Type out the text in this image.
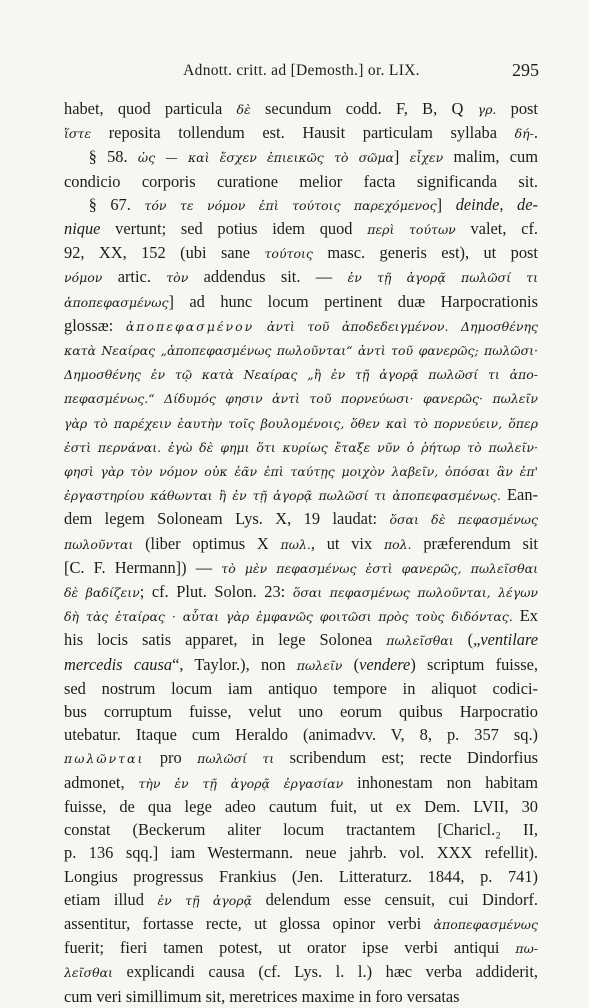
Adnott. critt. ad [Demosth.] or. LIX.	295
habet, quod particula δὲ secundum codd. F, B, Q γρ. post
ἵστε reposita tollendum est. Hausit particulam syllaba δή-.
  § 58. ὡς — καὶ ἔσχεν ἐπιεικῶς τὸ σῶμα] εἶχεν malim, cum
condicio corporis curatione melior facta significanda sit.
  § 67. τόν τε νόμον ἐπὶ τούτοις παρεχόμενος] deinde, de-
nique vertunt; sed potius idem quod περὶ τούτων valet, cf.
92, XX, 152 (ubi sane τούτοις masc. generis est), ut post
νόμον artic. τὸν addendus sit. — ἐν τῇ ἀγορᾷ πωλῶσί τι
ἀποπεφασμένως] ad hunc locum pertinent duæ Harpocrationis
glossæ: ἀποπεφασμένον ἀντὶ τοῦ ἀποδεδειγμένον. Δημοσθένης
κατὰ Νεαίρας „ἀποπεφασμένως πωλοῦνται“ ἀντὶ τοῦ φανερῶς; πωλῶσι·
Δημοσθένης ἐν τῷ κατὰ Νεαίρας „ἢ ἐν τῇ ἀγορᾷ πωλῶσί τι ἀπο-
πεφασμένως.“ Δίδυμός φησιν ἀντὶ τοῦ πορνεύωσι· φανερῶς· πωλεῖν
γὰρ τὸ παρέχειν ἑαυτὴν τοῖς βουλομένοις, ὅθεν καὶ τὸ πορνεύειν, ὅπερ
ἐστὶ περνάναι. ἐγὼ δὲ φημι ὅτι κυρίως ἔταξε νῦν ὁ ῥήτωρ τὸ πωλεῖν·
φησὶ γὰρ τὸν νόμον οὐκ ἐᾶν ἐπὶ ταύτῃς μοιχὸν λαβεῖν, ὁπόσαι ἂν ἐπ'
ἐργαστηρίου κάθωνται ἢ ἐν τῇ ἀγορᾷ πωλῶσί τι ἀποπεφασμένως. Ean-
dem legem Soloneam Lys. X, 19 laudat: ὅσαι δὲ πεφασμένως
πωλοῦνται (liber optimus X πωλ., ut vix πολ. præferendum sit
[C. F. Hermann]) — τὸ μὲν πεφασμένως ἐστὶ φανερῶς, πωλεῖσθαι
δὲ βαδίζειν; cf. Plut. Solon. 23: ὅσαι πεφασμένως πωλοῦνται, λέγων
δὴ τὰς ἑταίρας · αὗται γὰρ ἐμφανῶς φοιτῶσι πρὸς τοὺς διδόντας. Ex
his locis satis apparet, in lege Solonea πωλεῖσθαι („ventilare
mercedis causa“, Taylor.), non πωλεῖν (vendere) scriptum fuisse,
sed nostrum locum iam antiquo tempore in aliquot codici-
bus corruptum fuisse, velut uno eorum quibus Harpocratio
utebatur. Itaque cum Heraldo (animadvv. V, 8, p. 357 sq.)
πωλῶνται pro πωλῶσί τι scribendum est; recte Dindorfius
admonet, τὴν ἐν τῇ ἀγορᾷ ἐργασίαν inhonestam non habitam
fuisse, de qua lege adeo cautum fuit, ut ex Dem. LVII, 30
constat (Beckerum aliter locum tractantem [Charicl.₂ II,
p. 136 sqq.] iam Westermann. neue jahrb. vol. XXX refellit).
Longius progressus Frankius (Jen. Litteraturz. 1844, p. 741)
etiam illud ἐν τῇ ἀγορᾷ delendum esse censuit, cui Dindorf.
assentitur, fortasse recte, ut glossa opinor verbi ἀποπεφασμένως
fuerit; fieri tamen potest, ut orator ipse verbi antiqui πω-
λεῖσθαι explicandi causa (cf. Lys. l. l.) hæc verba addiderit,
cum veri simillimum sit, meretrices maxime in foro versatas
